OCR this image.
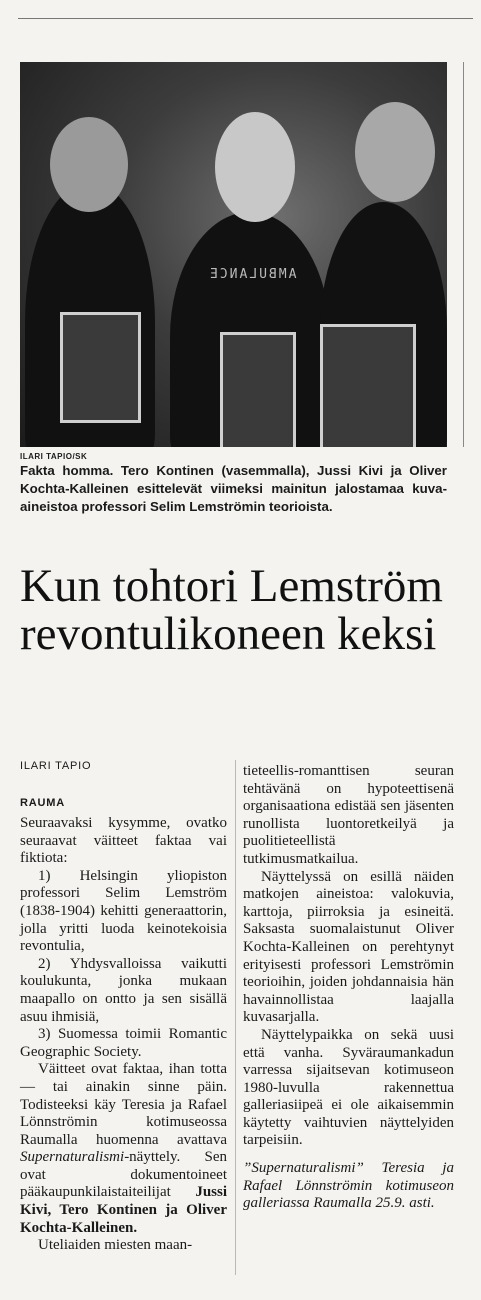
AMBULANCE
ILARI TAPIO/SK
Fakta homma. Tero Kontinen (vasemmalla), Jussi Kivi ja Oliver Kochta-Kalleinen esittelevät viimeksi mainitun jalostamaa kuva-aineistoa professori Selim Lemströmin teorioista.
Kun tohtori Lemström revontulikoneen keksi
ILARI TAPIO
RAUMA

Seuraavaksi kysymme, ovatko seuraavat väitteet faktaa vai fiktiota:

1) Helsingin yliopiston professori Selim Lemström (1838-1904) kehitti generaattorin, jolla yritti luoda keinotekoisia revontulia,

2) Yhdysvalloissa vaikutti koulukunta, jonka mukaan maapallo on ontto ja sen sisällä asuu ihmisiä,

3) Suomessa toimii Romantic Geographic Society.

Väitteet ovat faktaa, ihan totta — tai ainakin sinne päin. Todisteeksi käy Teresia ja Rafael Lönnströmin kotimuseossa Raumalla huomenna avattava Supernaturalismi-näyttely. Sen ovat dokumentoineet pääkaupunkilaistaiteilijat Jussi Kivi, Tero Kontinen ja Oliver Kochta-Kalleinen.

Uteliaiden miesten maan-

tieteellis-romanttisen seuran tehtävänä on hypoteettisenä organisaationa edistää sen jäsenten runollista luontoretkeilyä ja puolitieteellistä tutkimusmatkailua.

Näyttelyssä on esillä näiden matkojen aineistoa: valokuvia, karttoja, piirroksia ja esineitä. Saksasta suomalaistunut Oliver Kochta-Kalleinen on perehtynyt erityisesti professori Lemströmin teorioihin, joiden johdannaisia hän havainnollistaa laajalla kuvasarjalla.

Näyttelypaikka on sekä uusi että vanha. Syväraumankadun varressa sijaitsevan kotimuseon 1980-luvulla rakennettua galleriasiipeä ei ole aikaisemmin käytetty vaihtuvien näyttelyiden tarpeisiin.

”Supernaturalismi” Teresia ja Rafael Lönnströmin kotimuseon galleriassa Raumalla 25.9. asti.
